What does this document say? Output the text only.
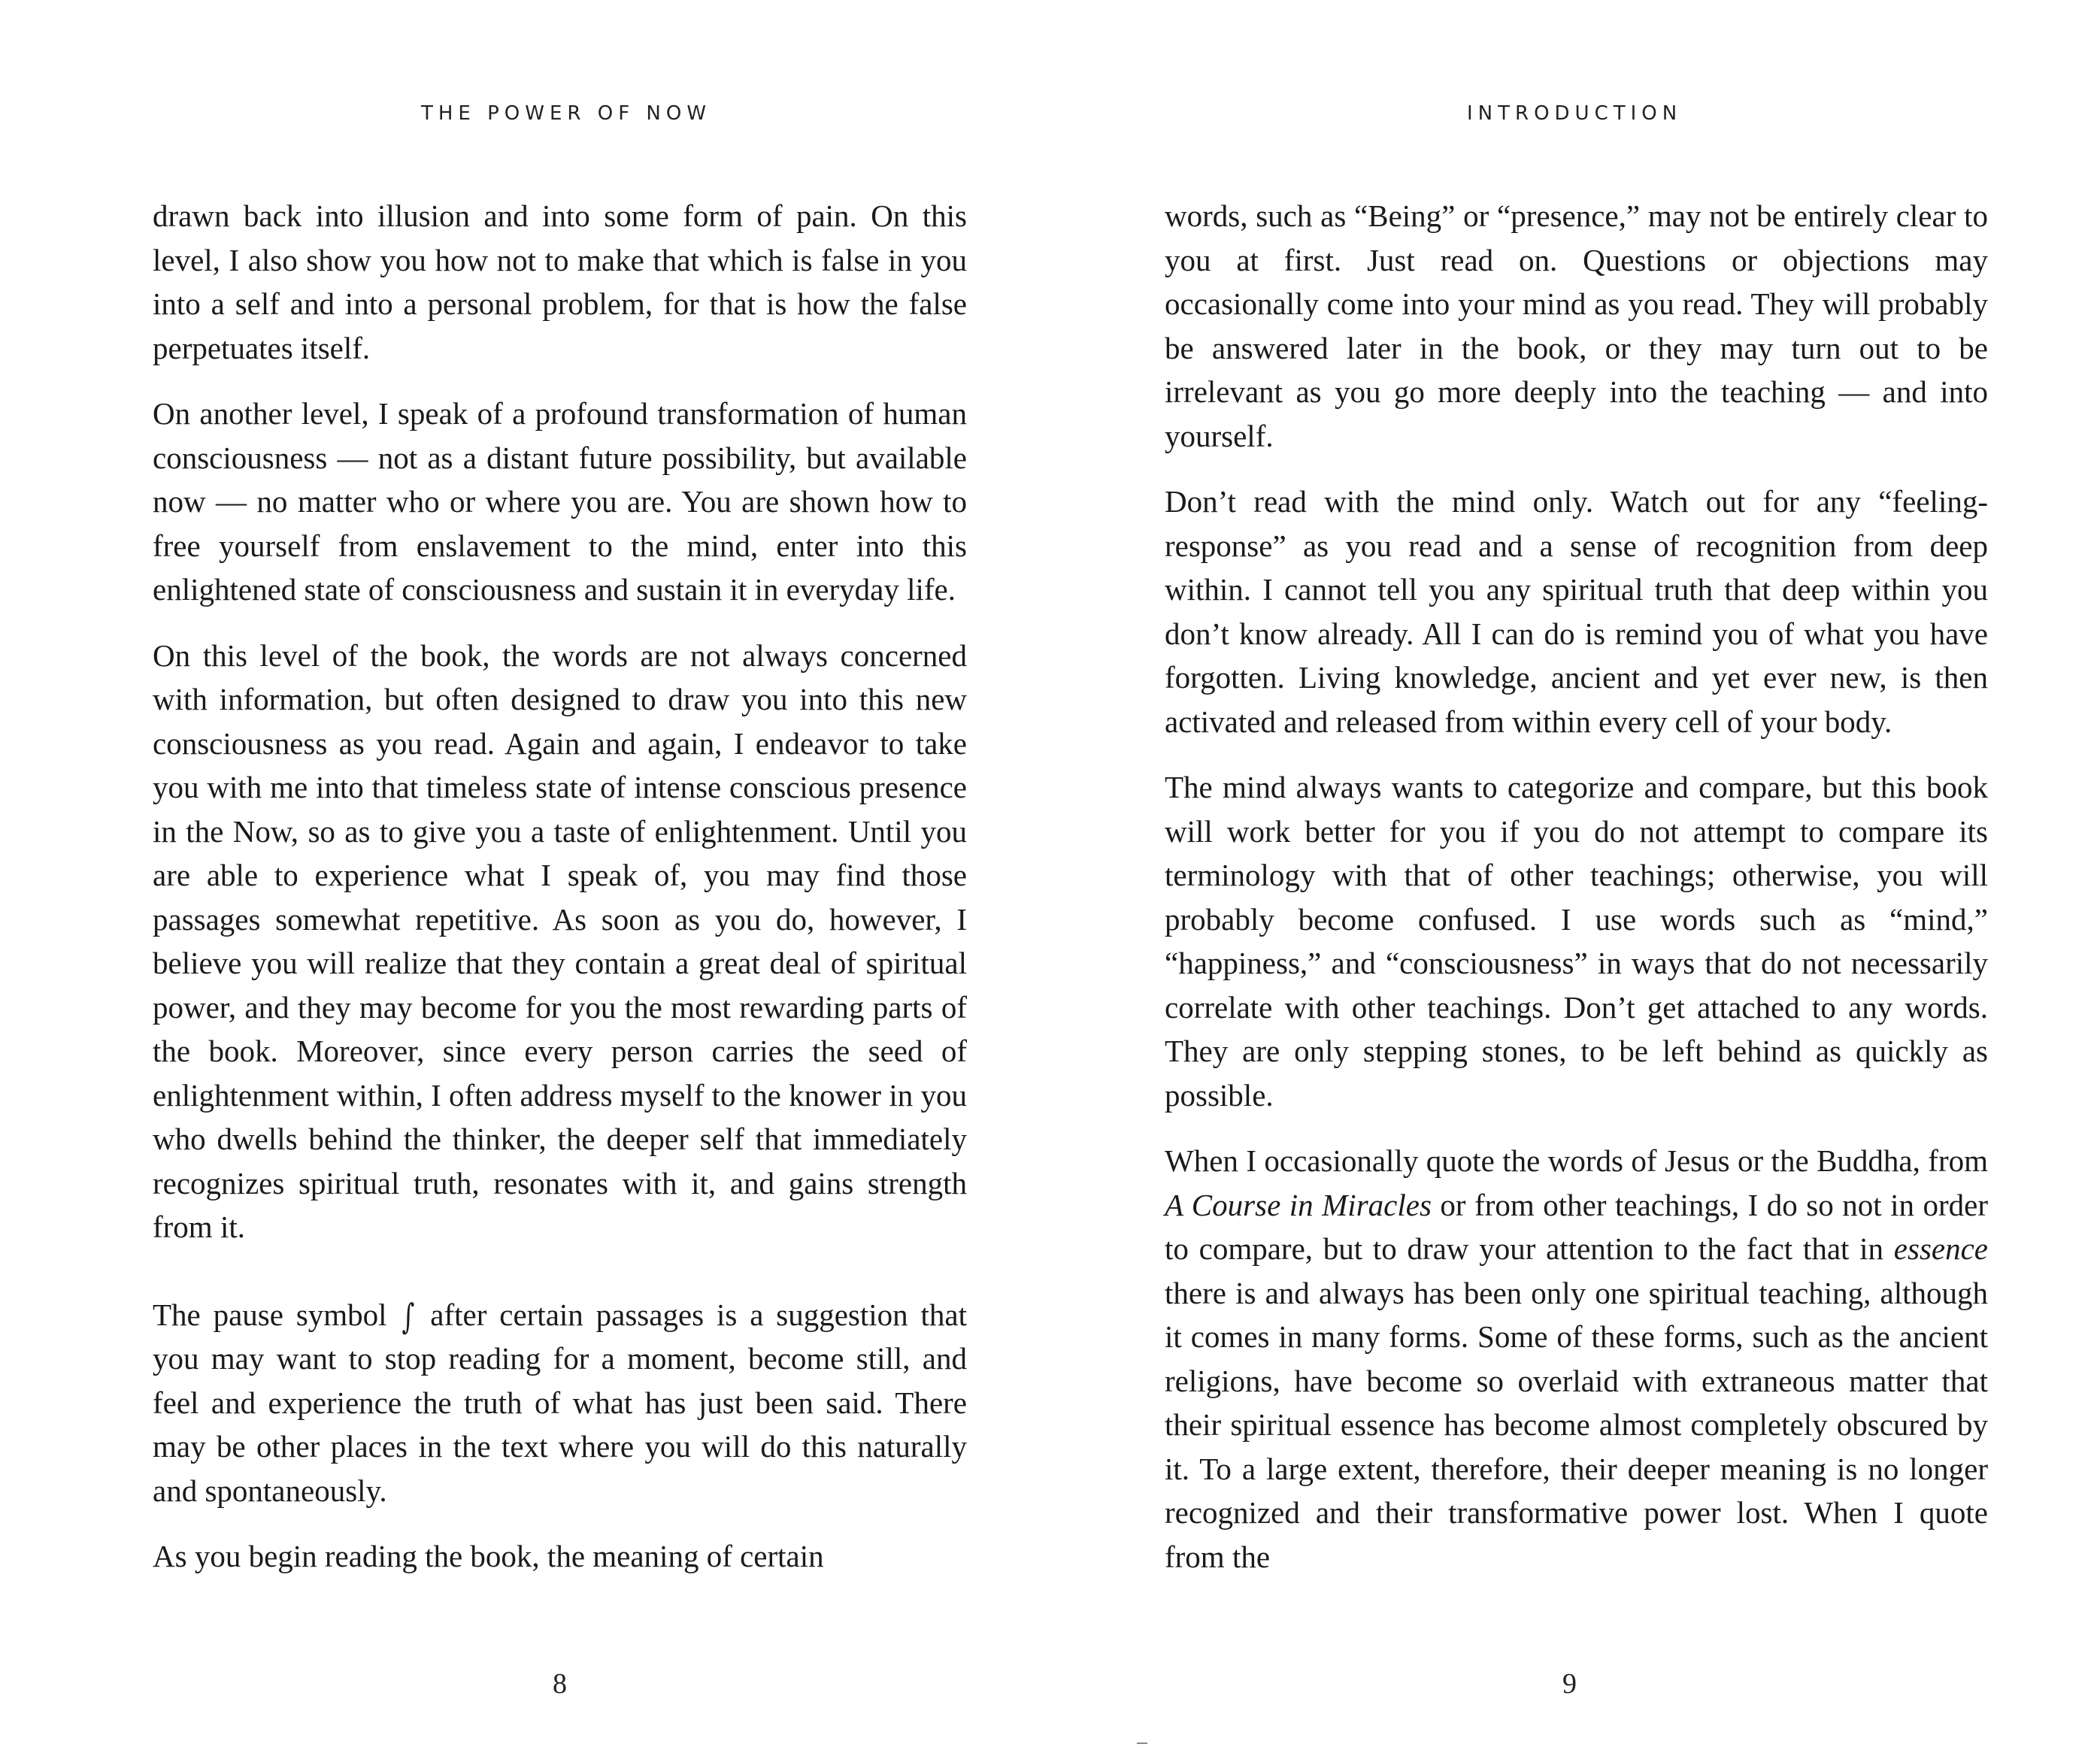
THE POWER OF NOW

drawn back into illusion and into some form of pain. On this level, I also show you how not to make that which is false in you into a self and into a personal problem, for that is how the false perpetuates itself.

On another level, I speak of a profound transformation of human consciousness — not as a distant future possibility, but available now — no matter who or where you are. You are shown how to free yourself from enslavement to the mind, enter into this enlightened state of consciousness and sustain it in everyday life.

On this level of the book, the words are not always concerned with information, but often designed to draw you into this new consciousness as you read. Again and again, I endeavor to take you with me into that timeless state of intense conscious presence in the Now, so as to give you a taste of enlightenment. Until you are able to experience what I speak of, you may find those passages somewhat repetitive. As soon as you do, however, I believe you will realize that they contain a great deal of spiritual power, and they may become for you the most rewarding parts of the book. Moreover, since every person carries the seed of enlightenment within, I often address myself to the knower in you who dwells behind the thinker, the deeper self that immediately recognizes spiritual truth, resonates with it, and gains strength from it.

The pause symbol ∫ after certain passages is a suggestion that you may want to stop reading for a moment, become still, and feel and experience the truth of what has just been said. There may be other places in the text where you will do this naturally and spontaneously.

As you begin reading the book, the meaning of certain

8
INTRODUCTION

words, such as “Being” or “presence,” may not be entirely clear to you at first. Just read on. Questions or objections may occasionally come into your mind as you read. They will probably be answered later in the book, or they may turn out to be irrelevant as you go more deeply into the teaching — and into yourself.

Don’t read with the mind only. Watch out for any “feeling-response” as you read and a sense of recognition from deep within. I cannot tell you any spiritual truth that deep within you don’t know already. All I can do is remind you of what you have forgotten. Living knowledge, ancient and yet ever new, is then activated and released from within every cell of your body.

The mind always wants to categorize and compare, but this book will work better for you if you do not attempt to compare its terminology with that of other teachings; otherwise, you will probably become confused. I use words such as “mind,” “happiness,” and “consciousness” in ways that do not necessarily correlate with other teachings. Don’t get attached to any words. They are only stepping stones, to be left behind as quickly as possible.

When I occasionally quote the words of Jesus or the Buddha, from A Course in Miracles or from other teachings, I do so not in order to compare, but to draw your attention to the fact that in essence there is and always has been only one spiritual teaching, although it comes in many forms. Some of these forms, such as the ancient religions, have become so overlaid with extraneous matter that their spiritual essence has become almost completely obscured by it. To a large extent, therefore, their deeper meaning is no longer recognized and their transformative power lost. When I quote from the

9
